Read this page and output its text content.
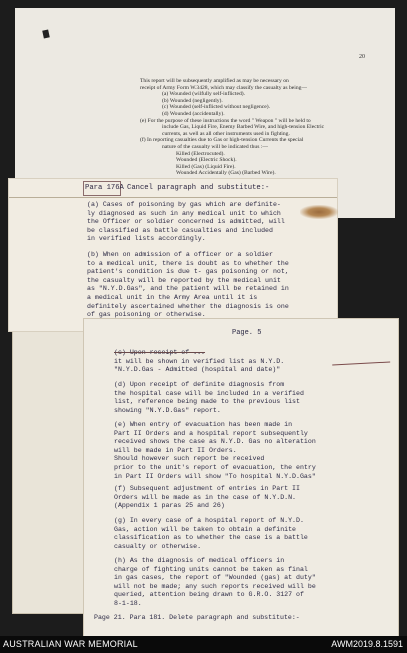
20
This report will be subsequently amplified as may be necessary on
receipt of Army Form W.3428, which may classify the casualty as being—
(a) Wounded (wilfully self-inflicted).
(b) Wounded (negligently).
(c) Wounded (self-inflicted without negligence).
(d) Wounded (accidentally).
(e) For the purpose of these instructions the word " Weapon " will be held to
include Gas, Liquid Fire, Enemy Barbed Wire, and high-tension Electric
currents, as well as all other instruments used in fighting.
(f) In reporting casualties due to Gas or high-tension Currents the special
nature of the casualty will be indicated thus :—
Killed (Electrocuted).
Wounded (Electric Shock).
Killed (Gas) (Liquid Fire).
Wounded Accidentally (Gas) (Barbed Wire).
Para 176A Cancel paragraph and substitute:-
(a) Cases of poisoning by gas which are definite-
ly diagnosed as such in any medical unit to which
the Officer or soldier concerned is admitted, will
be classified as battle casualties and included
in verified lists accordingly.
(b) When on admission of a officer or a soldier
to a medical unit, there is doubt as to whether the
patient's condition is due t- gas poisoning or not,
the casualty will be reported by the medical unit
as "N.Y.D.Gas", and the patient will be retained in
a medical unit in the Army Area until it is
definitely ascertained whether the diagnosis is one
of gas poisoning or otherwise.
Page. 5
(c) Upon receipt of ...
it will be shown in verified list as N.Y.D.
"N.Y.D.Gas - Admitted (hospital and date)"
(d) Upon receipt of definite diagnosis from
the hospital case will be included in a verified
list, reference being made to the previous list
showing "N.Y.D.Gas" report.
(e) When entry of evacuation has been made in
Part II Orders and a hospital report subsequently
received shows the case as N.Y.D. Gas no alteration
will be made in Part II Orders.
Should however such report be received
prior to the unit's report of evacuation, the entry
in Part II Orders will show "To hospital N.Y.D.Gas"
(f) Subsequent adjustment of entries in Part II
Orders will be made as in the case of N.Y.D.N.
(Appendix 1 paras 25 and 26)
(g) In every case of a hospital report of N.Y.D.
Gas, action will be taken to obtain a definite
classification as to whether the case is a battle
casualty or otherwise.
(h) As the diagnosis of medical officers in
charge of fighting units cannot be taken as final
in gas cases, the report of "Wounded (gas) at duty"
will not be made; any such reports received will be
queried, attention being drawn to G.R.O. 3127 of
8-1-18.
Page 21. Para 181. Delete paragraph and substitute:-
AUSTRALIAN WAR MEMORIAL	AWM2019.8.1591
